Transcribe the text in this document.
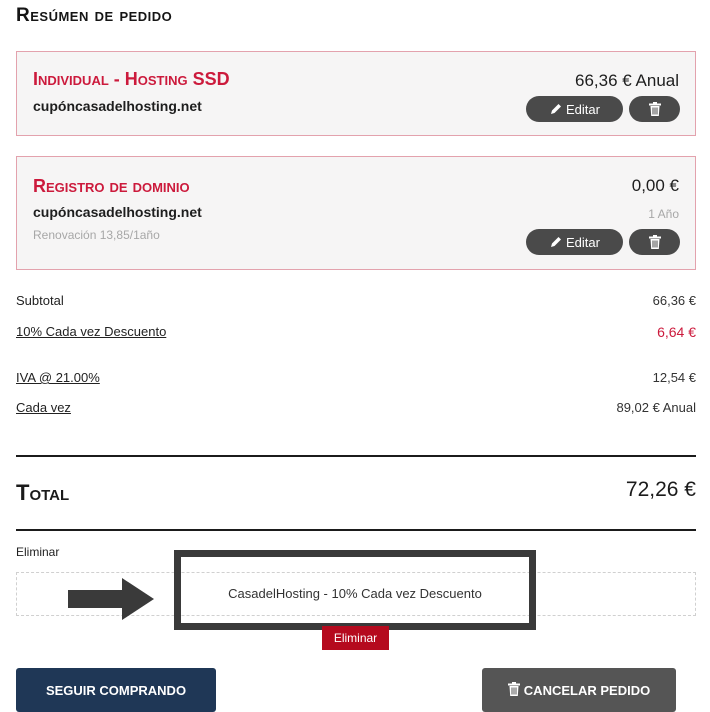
Resúmen de pedido
Individual - Hosting SSD
cupóncasadelhosting.net
66,36 € Anual
Editar
Registro de dominio
cupóncasadelhosting.net
Renovación 13,85/1año
0,00 €
1 Año
Editar
Subtotal	66,36 €
10% Cada vez Descuento	6,64 €
IVA @ 21.00%	12,54 €
Cada vez	89,02 € Anual
Total	72,26 €
Eliminar
CasadelHosting - 10% Cada vez Descuento
Eliminar
SEGUIR COMPRANDO	CANCELAR PEDIDO
